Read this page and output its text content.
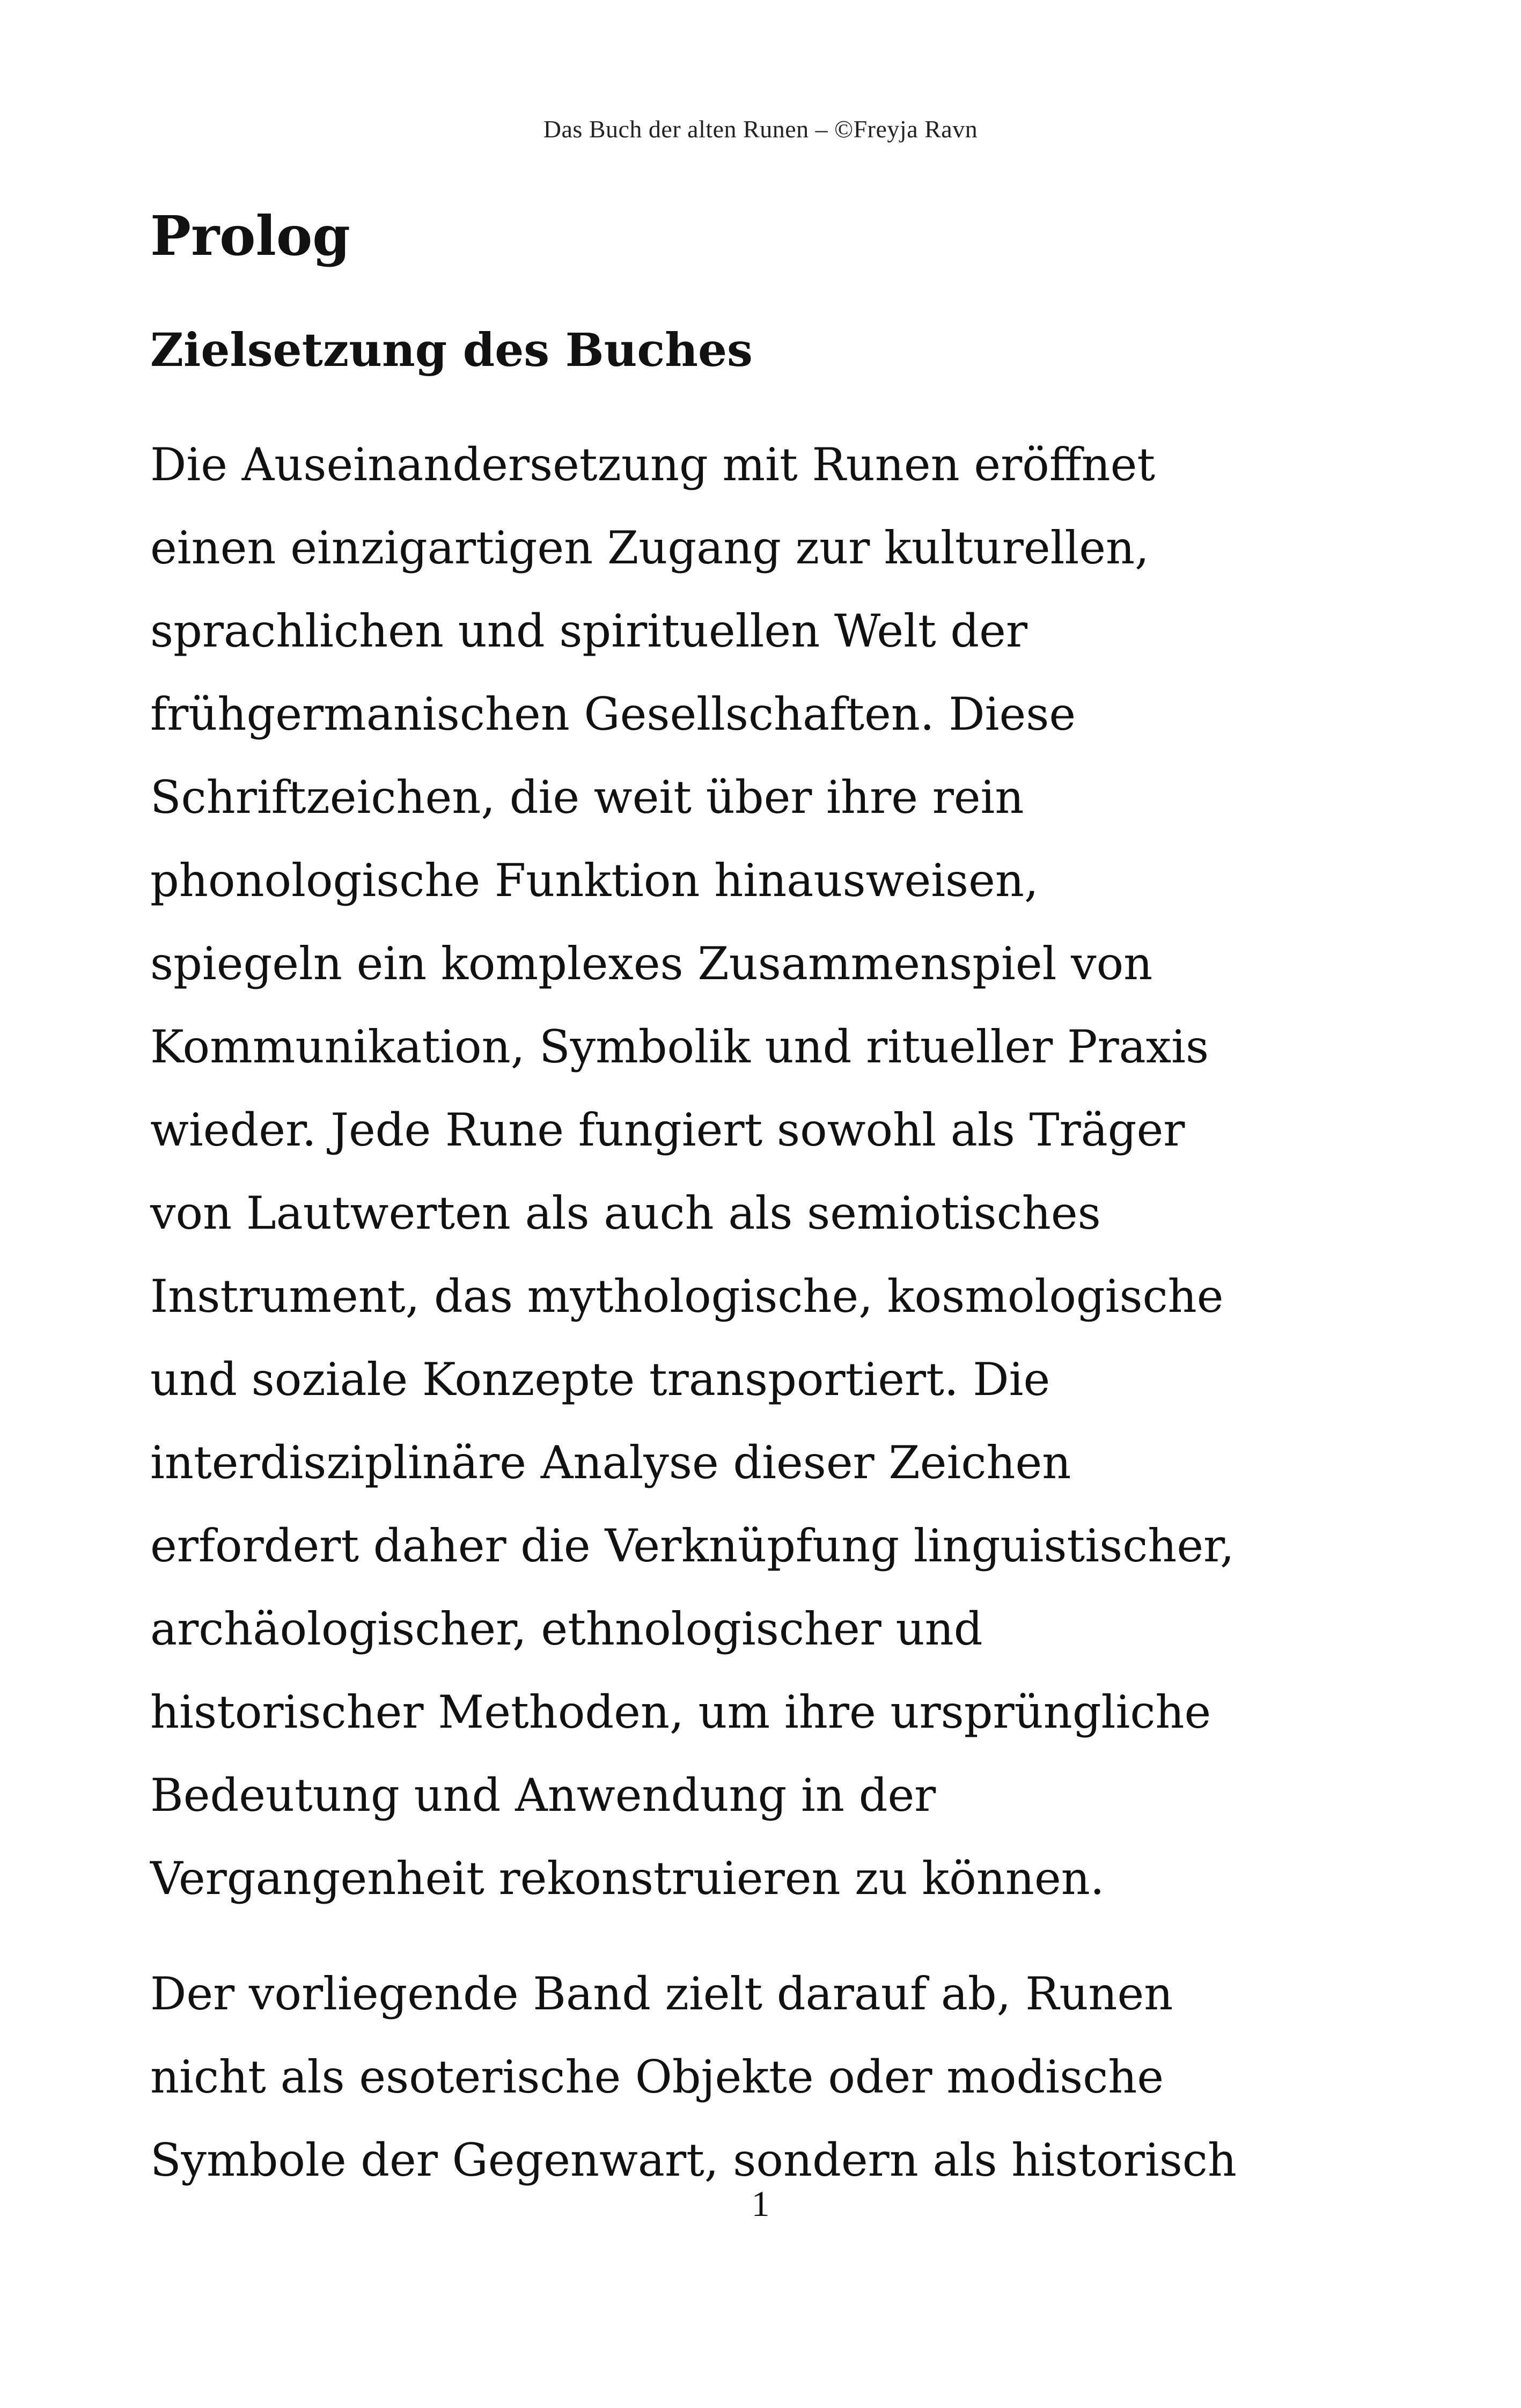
Das Buch der alten Runen – ©Freyja Ravn
Prolog
Zielsetzung des Buches

Die Auseinandersetzung mit Runen eröffnet
einen einzigartigen Zugang zur kulturellen,
sprachlichen und spirituellen Welt der
frühgermanischen Gesellschaften. Diese
Schriftzeichen, die weit über ihre rein
phonologische Funktion hinausweisen,
spiegeln ein komplexes Zusammenspiel von
Kommunikation, Symbolik und ritueller Praxis
wieder. Jede Rune fungiert sowohl als Träger
von Lautwerten als auch als semiotisches
Instrument, das mythologische, kosmologische
und soziale Konzepte transportiert. Die
interdisziplinäre Analyse dieser Zeichen
erfordert daher die Verknüpfung linguistischer,
archäologischer, ethnologischer und
historischer Methoden, um ihre ursprüngliche
Bedeutung und Anwendung in der
Vergangenheit rekonstruieren zu können.

Der vorliegende Band zielt darauf ab, Runen
nicht als esoterische Objekte oder modische
Symbole der Gegenwart, sondern als historisch

1
